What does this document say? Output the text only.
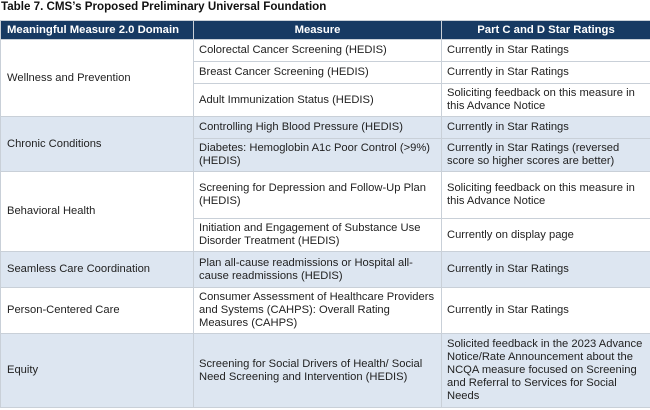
Table 7. CMS’s Proposed Preliminary Universal Foundation
Meaningful Measure 2.0 Domain	Measure	Part C and D Star Ratings
Wellness and Prevention	Colorectal Cancer Screening (HEDIS)	Currently in Star Ratings
	Breast Cancer Screening (HEDIS)	Currently in Star Ratings
	Adult Immunization Status (HEDIS)	Soliciting feedback on this measure in this Advance Notice
Chronic Conditions	Controlling High Blood Pressure (HEDIS)	Currently in Star Ratings
	Diabetes: Hemoglobin A1c Poor Control (>9%) (HEDIS)	Currently in Star Ratings (reversed score so higher scores are better)
Behavioral Health	Screening for Depression and Follow-Up Plan (HEDIS)	Soliciting feedback on this measure in this Advance Notice
	Initiation and Engagement of Substance Use Disorder Treatment (HEDIS)	Currently on display page
Seamless Care Coordination	Plan all-cause readmissions or Hospital all-cause readmissions (HEDIS)	Currently in Star Ratings
Person-Centered Care	Consumer Assessment of Healthcare Providers and Systems (CAHPS): Overall Rating Measures (CAHPS)	Currently in Star Ratings
Equity	Screening for Social Drivers of Health/ Social Need Screening and Intervention (HEDIS)	Solicited feedback in the 2023 Advance Notice/Rate Announcement about the NCQA measure focused on Screening and Referral to Services for Social Needs
